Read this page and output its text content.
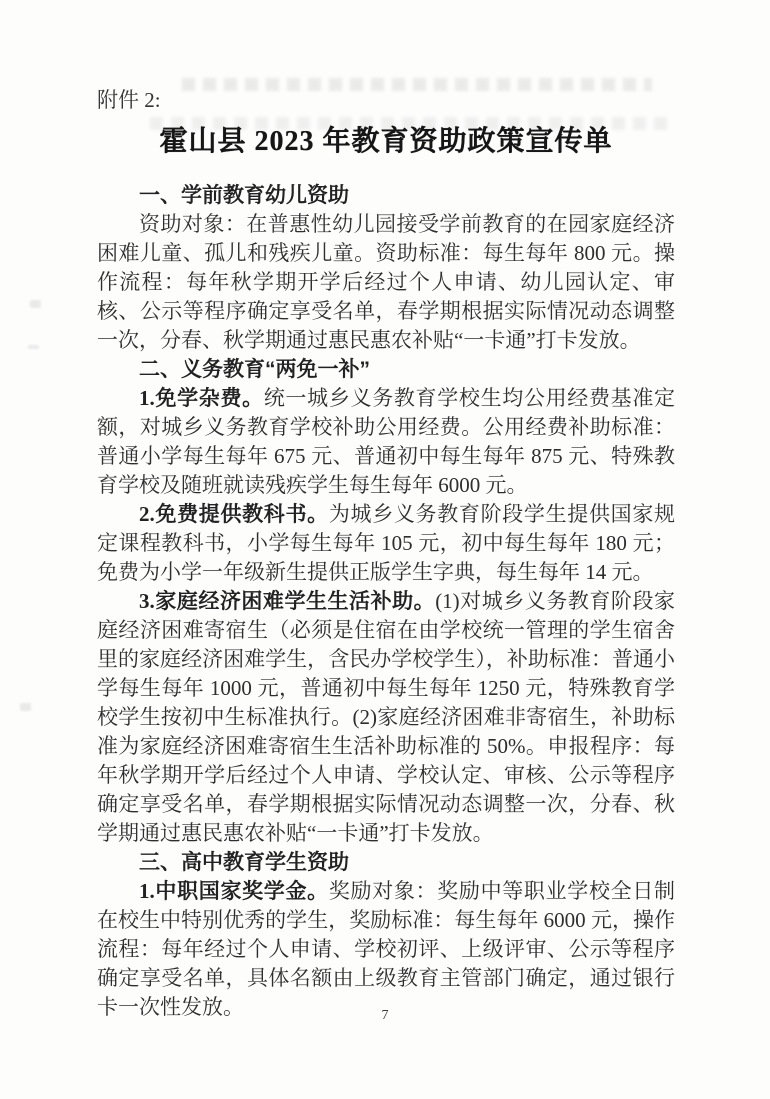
附件 2:

霍山县 2023 年教育资助政策宣传单
一、学前教育幼儿资助

资助对象：在普惠性幼儿园接受学前教育的在园家庭经济困难儿童、孤儿和残疾儿童。资助标准：每生每年 800 元。操作流程：每年秋学期开学后经过个人申请、幼儿园认定、审核、公示等程序确定享受名单，春学期根据实际情况动态调整一次，分春、秋学期通过惠民惠农补贴“一卡通”打卡发放。

二、义务教育“两免一补”

1.免学杂费。统一城乡义务教育学校生均公用经费基准定额，对城乡义务教育学校补助公用经费。公用经费补助标准：普通小学每生每年 675 元、普通初中每生每年 875 元、特殊教育学校及随班就读残疾学生每生每年 6000 元。

2.免费提供教科书。为城乡义务教育阶段学生提供国家规定课程教科书，小学每生每年 105 元，初中每生每年 180 元；免费为小学一年级新生提供正版学生字典，每生每年 14 元。

3.家庭经济困难学生生活补助。(1)对城乡义务教育阶段家庭经济困难寄宿生（必须是住宿在由学校统一管理的学生宿舍里的家庭经济困难学生，含民办学校学生），补助标准：普通小学每生每年 1000 元，普通初中每生每年 1250 元，特殊教育学校学生按初中生标准执行。(2)家庭经济困难非寄宿生，补助标准为家庭经济困难寄宿生生活补助标准的 50%。申报程序：每年秋学期开学后经过个人申请、学校认定、审核、公示等程序确定享受名单，春学期根据实际情况动态调整一次，分春、秋学期通过惠民惠农补贴“一卡通”打卡发放。

三、高中教育学生资助

1.中职国家奖学金。奖励对象：奖励中等职业学校全日制在校生中特别优秀的学生，奖励标准：每生每年 6000 元，操作流程：每年经过个人申请、学校初评、上级评审、公示等程序确定享受名单，具体名额由上级教育主管部门确定，通过银行卡一次性发放。	7
